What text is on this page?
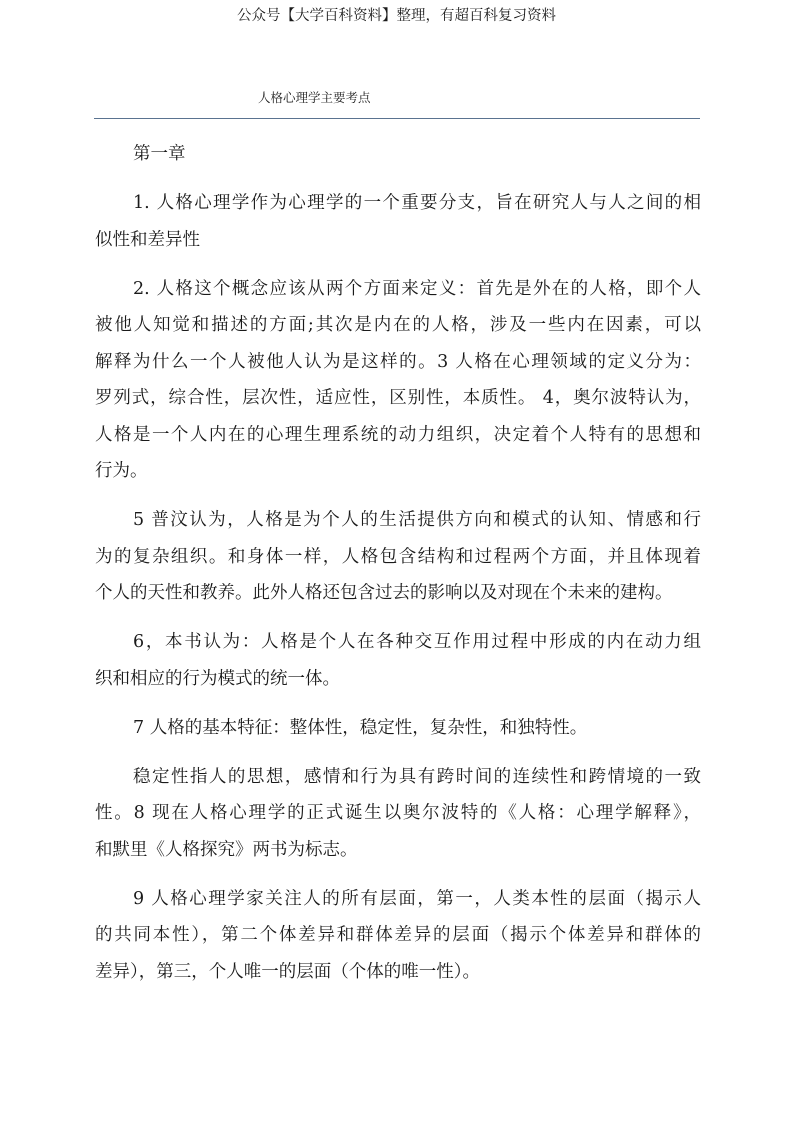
公众号【大学百科资料】整理，有超百科复习资料
人格心理学主要考点
第一章
1. 人格心理学作为心理学的一个重要分支，旨在研究人与人之间的相
似性和差异性
2. 人格这个概念应该从两个方面来定义：首先是外在的人格，即个人
被他人知觉和描述的方面;其次是内在的人格，涉及一些内在因素，可以
解释为什么一个人被他人认为是这样的。3 人格在心理领域的定义分为：
罗列式，综合性，层次性，适应性，区别性，本质性。 4，奥尔波特认为，
人格是一个人内在的心理生理系统的动力组织，决定着个人特有的思想和
行为。
5 普汶认为，人格是为个人的生活提供方向和模式的认知、情感和行
为的复杂组织。和身体一样，人格包含结构和过程两个方面，并且体现着
个人的天性和教养。此外人格还包含过去的影响以及对现在个未来的建构。
6，本书认为：人格是个人在各种交互作用过程中形成的内在动力组
织和相应的行为模式的统一体。
7 人格的基本特征：整体性，稳定性，复杂性，和独特性。
稳定性指人的思想，感情和行为具有跨时间的连续性和跨情境的一致
性。8 现在人格心理学的正式诞生以奥尔波特的《人格：心理学解释》，
和默里《人格探究》两书为标志。
9 人格心理学家关注人的所有层面，第一，人类本性的层面（揭示人
的共同本性），第二个体差异和群体差异的层面（揭示个体差异和群体的
差异），第三，个人唯一的层面（个体的唯一性）。
